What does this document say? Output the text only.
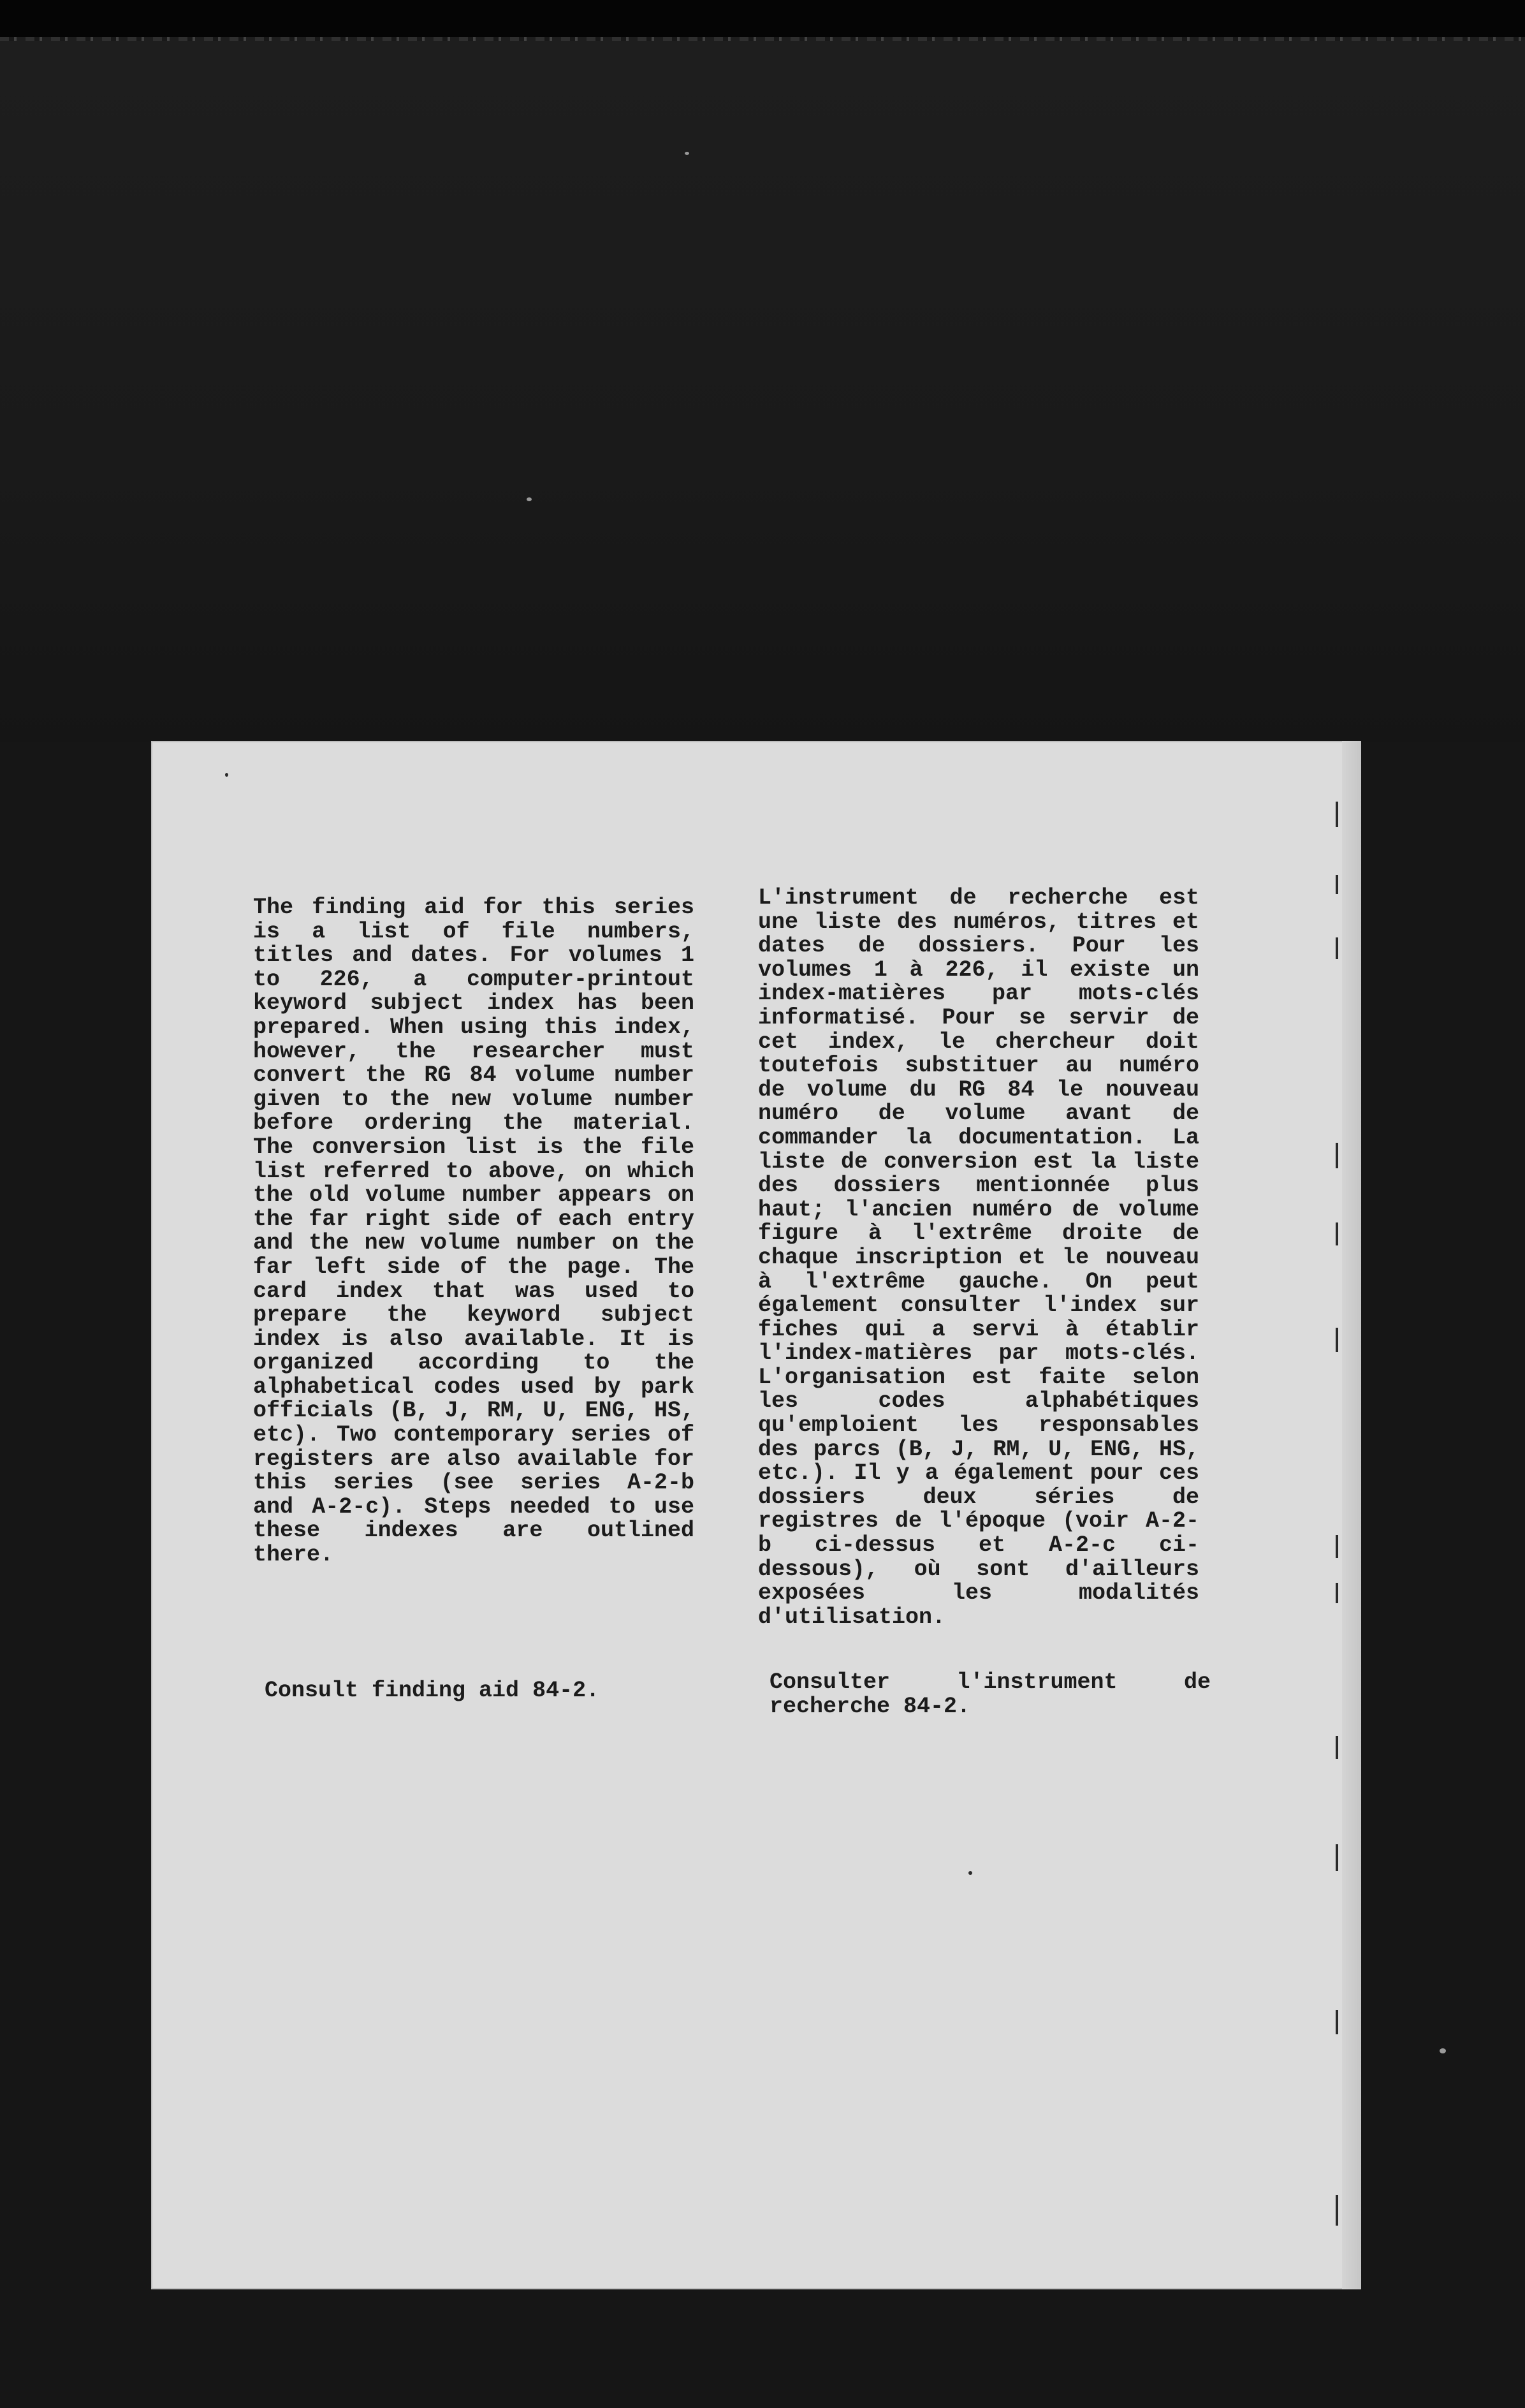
The finding aid for this series is a list of file numbers, titles and dates. For volumes 1 to 226, a computer-printout keyword subject index has been prepared. When using this index, however, the researcher must convert the RG 84 volume number given to the new volume number before ordering the material. The conversion list is the file list referred to above, on which the old volume number appears on the far right side of each entry and the new volume number on the far left side of the page. The card index that was used to prepare the keyword subject index is also available. It is organized according to the alphabetical codes used by park officials (B, J, RM, U, ENG, HS, etc). Two contemporary series of registers are also available for this series (see series A-2-b and A-2-c). Steps needed to use these indexes are outlined there.

L'instrument de recherche est une liste des numéros, titres et dates de dossiers. Pour les volumes 1 à 226, il existe un index-matières par mots-clés informatisé. Pour se servir de cet index, le chercheur doit toutefois substituer au numéro de volume du RG 84 le nouveau numéro de volume avant de commander la documentation. La liste de conversion est la liste des dossiers mentionnée plus haut; l'ancien numéro de volume figure à l'extrême droite de chaque inscription et le nouveau à l'extrême gauche. On peut également consulter l'index sur fiches qui a servi à établir l'index-matières par mots-clés. L'organisation est faite selon les codes alphabétiques qu'emploient les responsables des parcs (B, J, RM, U, ENG, HS, etc.). Il y a également pour ces dossiers deux séries de registres de l'époque (voir A-2-b ci-dessus et A-2-c ci-dessous), où sont d'ailleurs exposées les modalités d'utilisation.

Consult finding aid 84-2.	Consulter l'instrument de recherche 84-2.
